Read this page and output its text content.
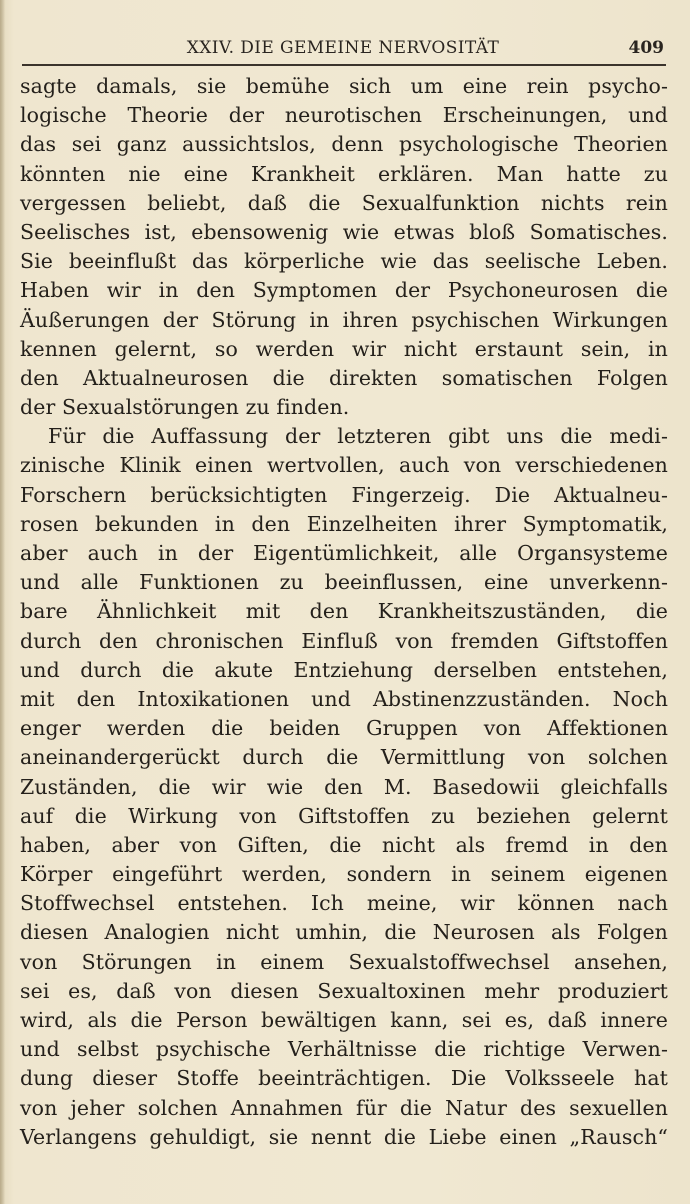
XXIV. DIE GEMEINE NERVOSITÄT	409
sagte damals, sie bemühe sich um eine rein psycho-
logische Theorie der neurotischen Erscheinungen, und
das sei ganz aussichtslos, denn psychologische Theorien
könnten nie eine Krankheit erklären. Man hatte zu
vergessen beliebt, daß die Sexualfunktion nichts rein
Seelisches ist, ebensowenig wie etwas bloß Somatisches.
Sie beeinflußt das körperliche wie das seelische Leben.
Haben wir in den Symptomen der Psychoneurosen die
Äußerungen der Störung in ihren psychischen Wirkungen
kennen gelernt, so werden wir nicht erstaunt sein, in
den Aktualneurosen die direkten somatischen Folgen
der Sexualstörungen zu finden.
Für die Auffassung der letzteren gibt uns die medi-
zinische Klinik einen wertvollen, auch von verschiedenen
Forschern berücksichtigten Fingerzeig. Die Aktualneu-
rosen bekunden in den Einzelheiten ihrer Symptomatik,
aber auch in der Eigentümlichkeit, alle Organsysteme
und alle Funktionen zu beeinflussen, eine unverkenn-
bare Ähnlichkeit mit den Krankheitszuständen, die
durch den chronischen Einfluß von fremden Giftstoffen
und durch die akute Entziehung derselben entstehen,
mit den Intoxikationen und Abstinenzzuständen. Noch
enger werden die beiden Gruppen von Affektionen
aneinandergerückt durch die Vermittlung von solchen
Zuständen, die wir wie den M. Basedowii gleichfalls
auf die Wirkung von Giftstoffen zu beziehen gelernt
haben, aber von Giften, die nicht als fremd in den
Körper eingeführt werden, sondern in seinem eigenen
Stoffwechsel entstehen. Ich meine, wir können nach
diesen Analogien nicht umhin, die Neurosen als Folgen
von Störungen in einem Sexualstoffwechsel ansehen,
sei es, daß von diesen Sexualtoxinen mehr produziert
wird, als die Person bewältigen kann, sei es, daß innere
und selbst psychische Verhältnisse die richtige Verwen-
dung dieser Stoffe beeinträchtigen. Die Volksseele hat
von jeher solchen Annahmen für die Natur des sexuellen
Verlangens gehuldigt, sie nennt die Liebe einen „Rausch“
